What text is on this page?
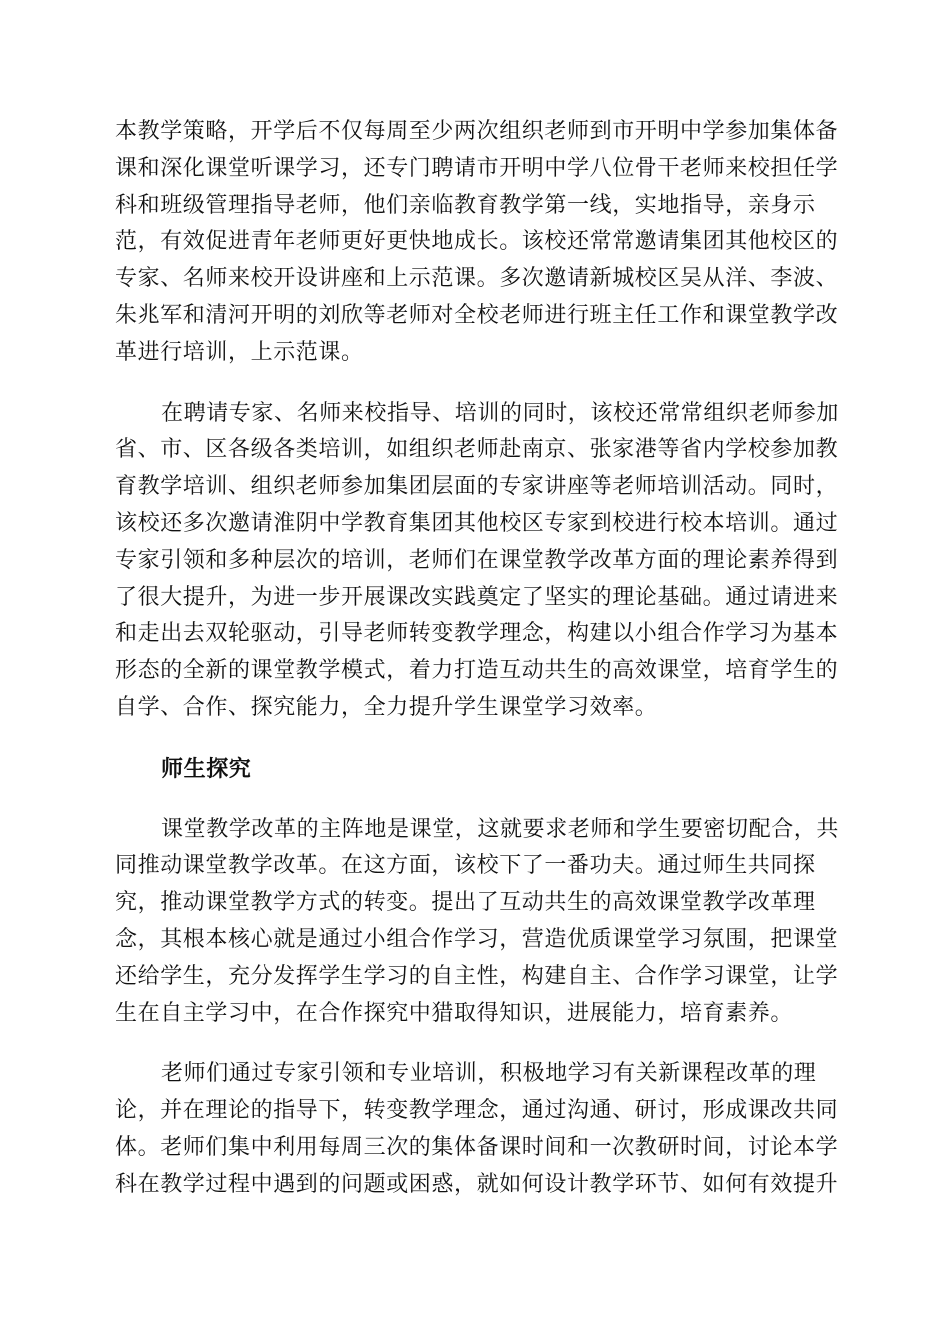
本教学策略，开学后不仅每周至少两次组织老师到市开明中学参加集体备
课和深化课堂听课学习，还专门聘请市开明中学八位骨干老师来校担任学
科和班级管理指导老师，他们亲临教育教学第一线，实地指导，亲身示
范，有效促进青年老师更好更快地成长。该校还常常邀请集团其他校区的
专家、名师来校开设讲座和上示范课。多次邀请新城校区吴从洋、李波、
朱兆军和清河开明的刘欣等老师对全校老师进行班主任工作和课堂教学改
革进行培训，上示范课。

在聘请专家、名师来校指导、培训的同时，该校还常常组织老师参加
省、市、区各级各类培训，如组织老师赴南京、张家港等省内学校参加教
育教学培训、组织老师参加集团层面的专家讲座等老师培训活动。同时，
该校还多次邀请淮阴中学教育集团其他校区专家到校进行校本培训。通过
专家引领和多种层次的培训，老师们在课堂教学改革方面的理论素养得到
了很大提升，为进一步开展课改实践奠定了坚实的理论基础。通过请进来
和走出去双轮驱动，引导老师转变教学理念，构建以小组合作学习为基本
形态的全新的课堂教学模式，着力打造互动共生的高效课堂，培育学生的
自学、合作、探究能力，全力提升学生课堂学习效率。

师生探究

课堂教学改革的主阵地是课堂，这就要求老师和学生要密切配合，共
同推动课堂教学改革。在这方面，该校下了一番功夫。通过师生共同探
究，推动课堂教学方式的转变。提出了互动共生的高效课堂教学改革理
念，其根本核心就是通过小组合作学习，营造优质课堂学习氛围，把课堂
还给学生，充分发挥学生学习的自主性，构建自主、合作学习课堂，让学
生在自主学习中，在合作探究中猎取得知识，进展能力，培育素养。

老师们通过专家引领和专业培训，积极地学习有关新课程改革的理
论，并在理论的指导下，转变教学理念，通过沟通、研讨，形成课改共同
体。老师们集中利用每周三次的集体备课时间和一次教研时间，讨论本学
科在教学过程中遇到的问题或困惑，就如何设计教学环节、如何有效提升
